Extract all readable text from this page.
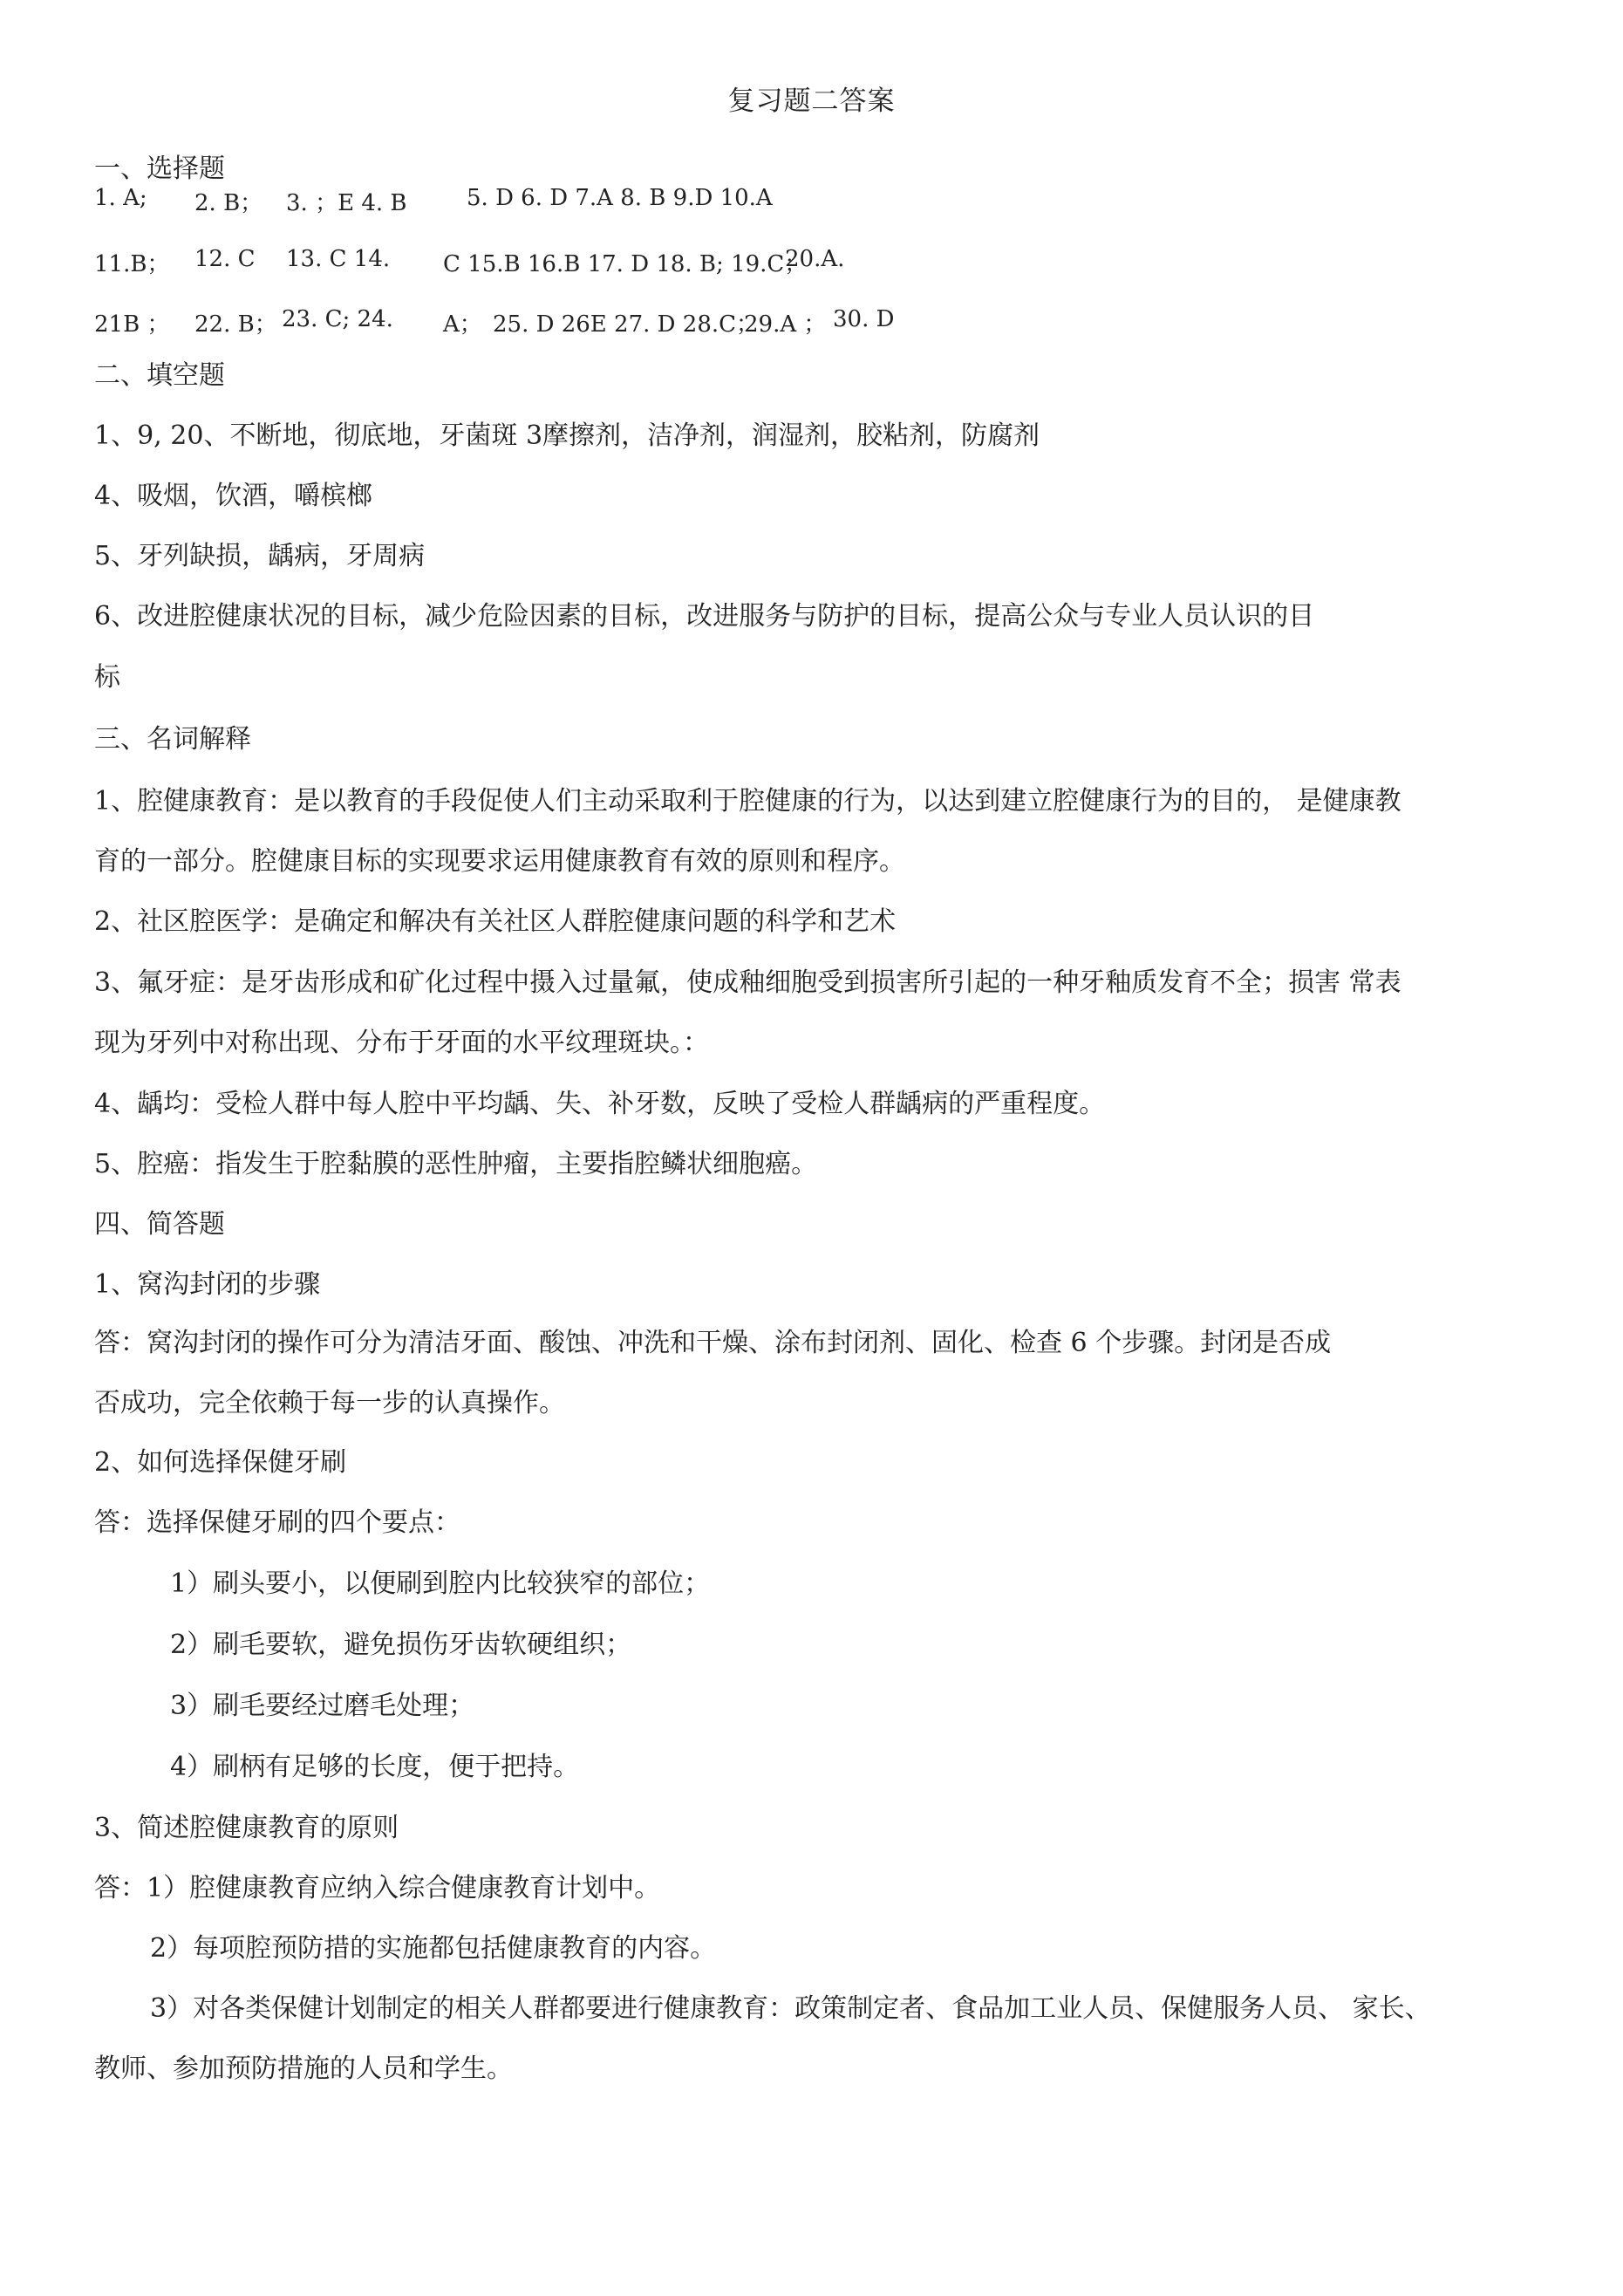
复习题二答案
一、选择题
1. A; 2. B； 3. ；E 4. B	5. D 6. D 7.A 8. B 9.D 10.A
11.B； 12. C 13. C 14. C 15.B 16.B 17. D 18. B; 19.C；
20.A.
21B ； 22. B； 23. C; 24. A； 25. D 26E 27. D 28.C；
29.A ； 30. D
二、填空题
1、9, 20、不断地，彻底地，牙菌斑 3摩擦剂，洁净剂，润湿剂，胶粘剂，防腐剂
4、吸烟，饮酒，嚼槟榔
5、牙列缺损，龋病，牙周病
6、改进腔健康状况的目标，减少危险因素的目标，改进服务与防护的目标，提高公众与专业人员认识的目
标
三、名词解释
1、腔健康教育：是以教育的手段促使人们主动采取利于腔健康的行为，以达到建立腔健康行为的目的， 是健康教
育的一部分。腔健康目标的实现要求运用健康教育有效的原则和程序。
2、社区腔医学：是确定和解决有关社区人群腔健康问题的科学和艺术
3、氟牙症：是牙齿形成和矿化过程中摄入过量氟，使成釉细胞受到损害所引起的一种牙釉质发育不全；损害 常表
现为牙列中对称出现、分布于牙面的水平纹理斑块。：
4、龋均：受检人群中每人腔中平均龋、失、补牙数，反映了受检人群龋病的严重程度。
5、腔癌：指发生于腔黏膜的恶性肿瘤，主要指腔鳞状细胞癌。
四、简答题
1、窝沟封闭的步骤
答：窝沟封闭的操作可分为清洁牙面、酸蚀、冲洗和干燥、涂布封闭剂、固化、检查 6 个步骤。封闭是否成
否成功，完全依赖于每一步的认真操作。
2、如何选择保健牙刷
答：选择保健牙刷的四个要点：
1）刷头要小，以便刷到腔内比较狭窄的部位；
2）刷毛要软，避免损伤牙齿软硬组织；
3）刷毛要经过磨毛处理；
4）刷柄有足够的长度，便于把持。
3、简述腔健康教育的原则
答：1）腔健康教育应纳入综合健康教育计划中。
2）每项腔预防措的实施都包括健康教育的内容。
3）对各类保健计划制定的相关人群都要进行健康教育：政策制定者、食品加工业人员、保健服务人员、 家长、
教师、参加预防措施的人员和学生。
